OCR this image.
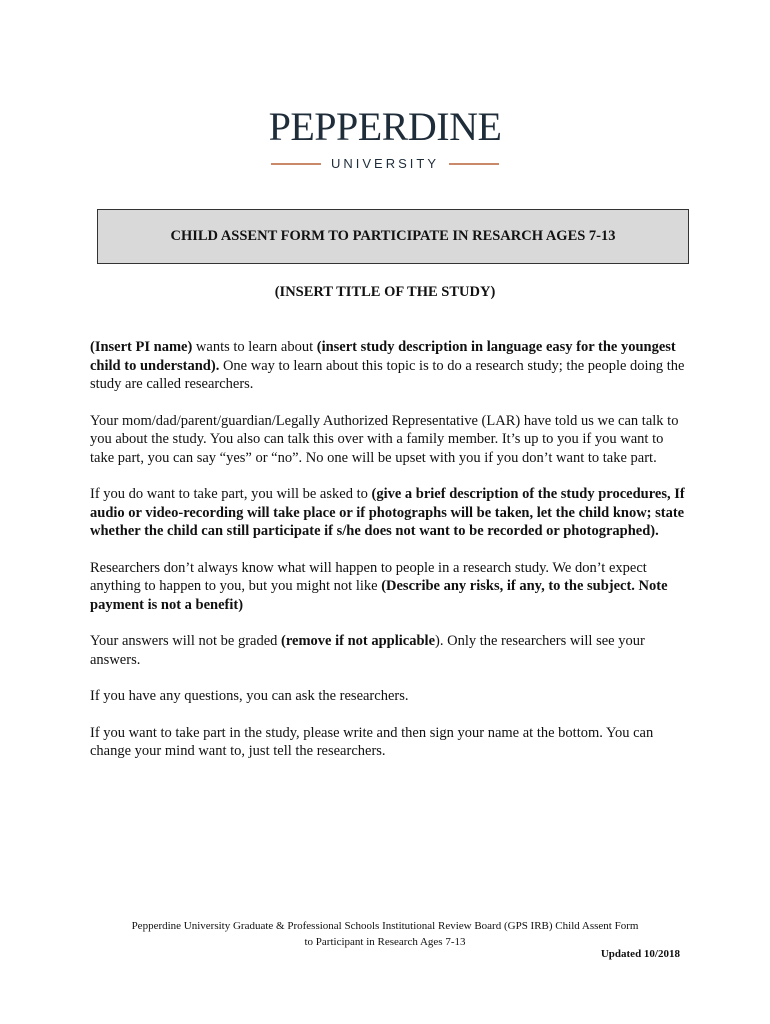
PEPPERDINE
UNIVERSITY
CHILD ASSENT FORM TO PARTICIPATE IN RESARCH AGES 7-13
(INSERT TITLE OF THE STUDY)

(Insert PI name) wants to learn about (insert study description in language easy for the youngest child to understand). One way to learn about this topic is to do a research study; the people doing the study are called researchers.

Your mom/dad/parent/guardian/Legally Authorized Representative (LAR) have told us we can talk to you about the study. You also can talk this over with a family member. It’s up to you if you want to take part, you can say “yes” or “no”. No one will be upset with you if you don’t want to take part.

If you do want to take part, you will be asked to (give a brief description of the study procedures, If audio or video-recording will take place or if photographs will be taken, let the child know; state whether the child can still participate if s/he does not want to be recorded or photographed).

Researchers don’t always know what will happen to people in a research study. We don’t expect anything to happen to you, but you might not like (Describe any risks, if any, to the subject. Note payment is not a benefit)

Your answers will not be graded (remove if not applicable). Only the researchers will see your answers.

If you have any questions, you can ask the researchers.

If you want to take part in the study, please write and then sign your name at the bottom. You can change your mind want to, just tell the researchers.

Pepperdine University Graduate & Professional Schools Institutional Review Board (GPS IRB) Child Assent Form
to Participant in Research Ages 7-13
Updated 10/2018
